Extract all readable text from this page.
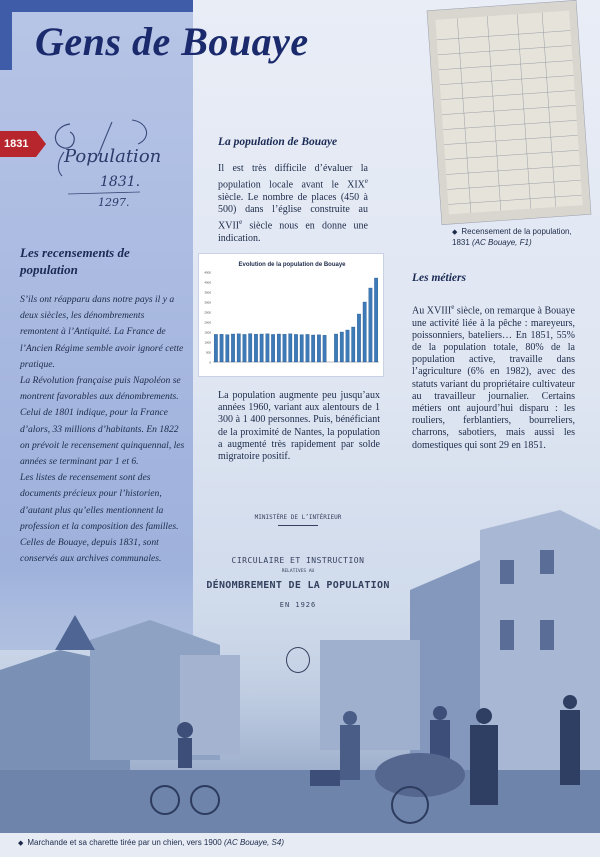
Gens de Bouaye
1831
Population
1831.
1297.
Les recensements de population

S’ils ont réapparu dans notre pays il y a deux siècles, les dénombrements remontent à l’Antiquité. La France de l’Ancien Régime semble avoir ignoré cette pratique.

La Révolution française puis Napoléon se montrent favorables aux dénombrements. Celui de 1801 indique, pour la France d’alors, 33 millions d’habitants. En 1822 on prévoit le recensement quinquennal, les années se terminant par 1 et 6.

Les listes de recensement sont des documents précieux pour l’historien, d’autant plus qu’elles mentionnent la profession et la composition des familles. Celles de Bouaye, depuis 1831, sont conservés aux archives communales.

La population de Bouaye
Il est très difficile d’évaluer la population locale avant le XIXe siècle. Le nombre de places (450 à 500) dans l’église construite au XVIIe siècle nous en donne une indication.
Evolution de la population de Bouaye
0
500
1000
1500
2000
2500
3000
3500
4000
4500
La population augmente peu jusqu’aux années 1960, variant aux alentours de 1 300 à 1 400 personnes. Puis, bénéficiant de la proximité de Nantes, la population a augmenté très rapidement par solde migratoire positif.
◆ Recensement de la population,
1831 (AC Bouaye, F1)
Les métiers
Au XVIIIe siècle, on remarque à Bouaye une activité liée à la pêche : mareyeurs, poissonniers, bateliers… En 1851, 55% de la population totale, 80% de la population active, travaille dans l’agriculture (6% en 1982), avec des statuts variant du propriétaire cultivateur au travailleur journalier. Certains métiers ont aujourd’hui disparu : les rouliers, ferblantiers, bourreliers, charrons, sabotiers, mais aussi les domestiques qui sont 29 en 1851.
MINISTÈRE DE L’INTÉRIEUR
CIRCULAIRE ET INSTRUCTION
RELATIVES AU
DÉNOMBREMENT DE LA POPULATION
EN 1926
◆ Marchande et sa charette tirée par un chien, vers 1900 (AC Bouaye, S4)
